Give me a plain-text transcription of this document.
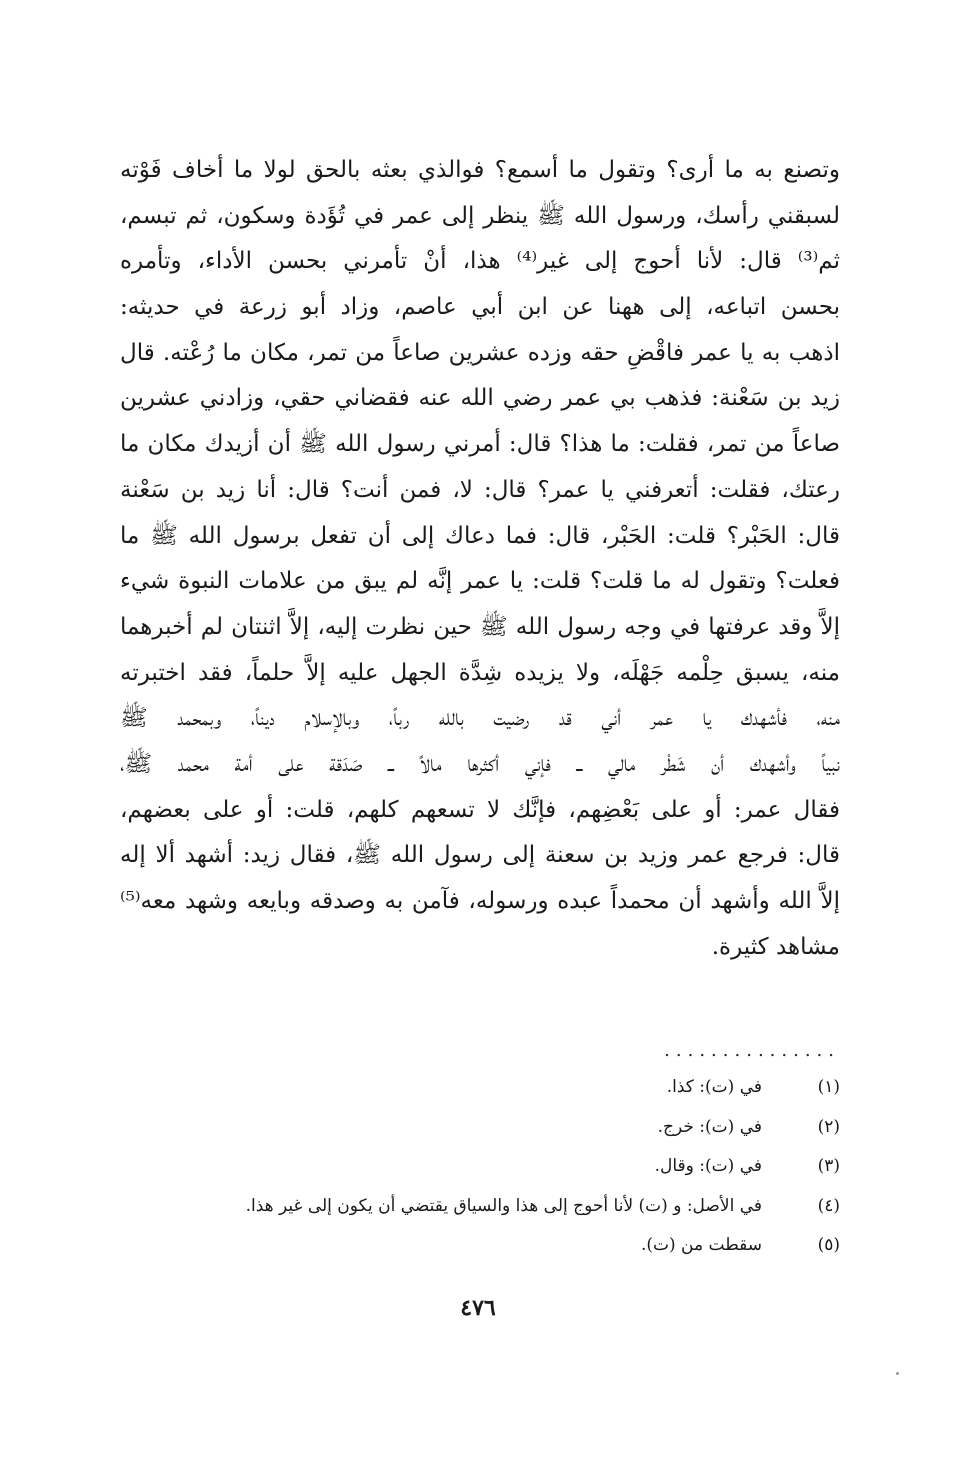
وتصنع به ما أرى؟ وتقول ما أسمع؟ فوالذي بعثه بالحق لولا ما أخاف فَوْته
لسبقني رأسك، ورسول الله ﷺ ينظر إلى عمر في تُؤَدة وسكون، ثم تبسم،
ثم⁽³⁾ قال: لأنا أحوج إلى غير⁽⁴⁾ هذا، أنْ تأمرني بحسن الأداء، وتأمره
بحسن اتباعه، إلى ههنا عن ابن أبي عاصم، وزاد أبو زرعة في حديثه:
اذهب به يا عمر فاقْضِ حقه وزده عشرين صاعاً من تمر، مكان ما رُعْته. قال
زيد بن سَعْنة: فذهب بي عمر رضي الله عنه فقضاني حقي، وزادني عشرين
صاعاً من تمر، فقلت: ما هذا؟ قال: أمرني رسول الله ﷺ أن أزيدك مكان ما
رعتك، فقلت: أتعرفني يا عمر؟ قال: لا، فمن أنت؟ قال: أنا زيد بن سَعْنة
قال: الحَبْر؟ قلت: الحَبْر، قال: فما دعاك إلى أن تفعل برسول الله ﷺ ما
فعلت؟ وتقول له ما قلت؟ قلت: يا عمر إنَّه لم يبق من علامات النبوة شيء
إلاَّ وقد عرفتها في وجه رسول الله ﷺ حين نظرت إليه، إلاَّ اثنتان لم أخبرهما
منه، يسبق حِلْمه جَهْلَه، ولا يزيده شِدَّة الجهل عليه إلاَّ حلماً، فقد اختبرته
منه، فأشهدك يا عمر أني قد رضيت بالله رباً، وبالإسلام ديناً، وبمحمد ﷺ
نبياً وأشهدك أن شَطْر مالي ــ فإني أكثرها مالاً ــ صَدَقة على أمة محمد ﷺ،
فقال عمر: أو على بَعْضِهم، فإنَّك لا تسعهم كلهم، قلت: أو على بعضهم،
قال: فرجع عمر وزيد بن سعنة إلى رسول الله ﷺ، فقال زيد: أشهد ألا إله
إلاَّ الله وأشهد أن محمداً عبده ورسوله، فآمن به وصدقه وبايعه وشهد معه⁽⁵⁾
مشاهد كثيرة.
...............
(١)
في (ت): كذا.
(٢)
في (ت): خرج.
(٣)
في (ت): وقال.
(٤)
في الأصل: و (ت) لأنا أحوج إلى هذا والسياق يقتضي أن يكون إلى غير هذا.
(٥)
سقطت من (ت).
٤٧٦
